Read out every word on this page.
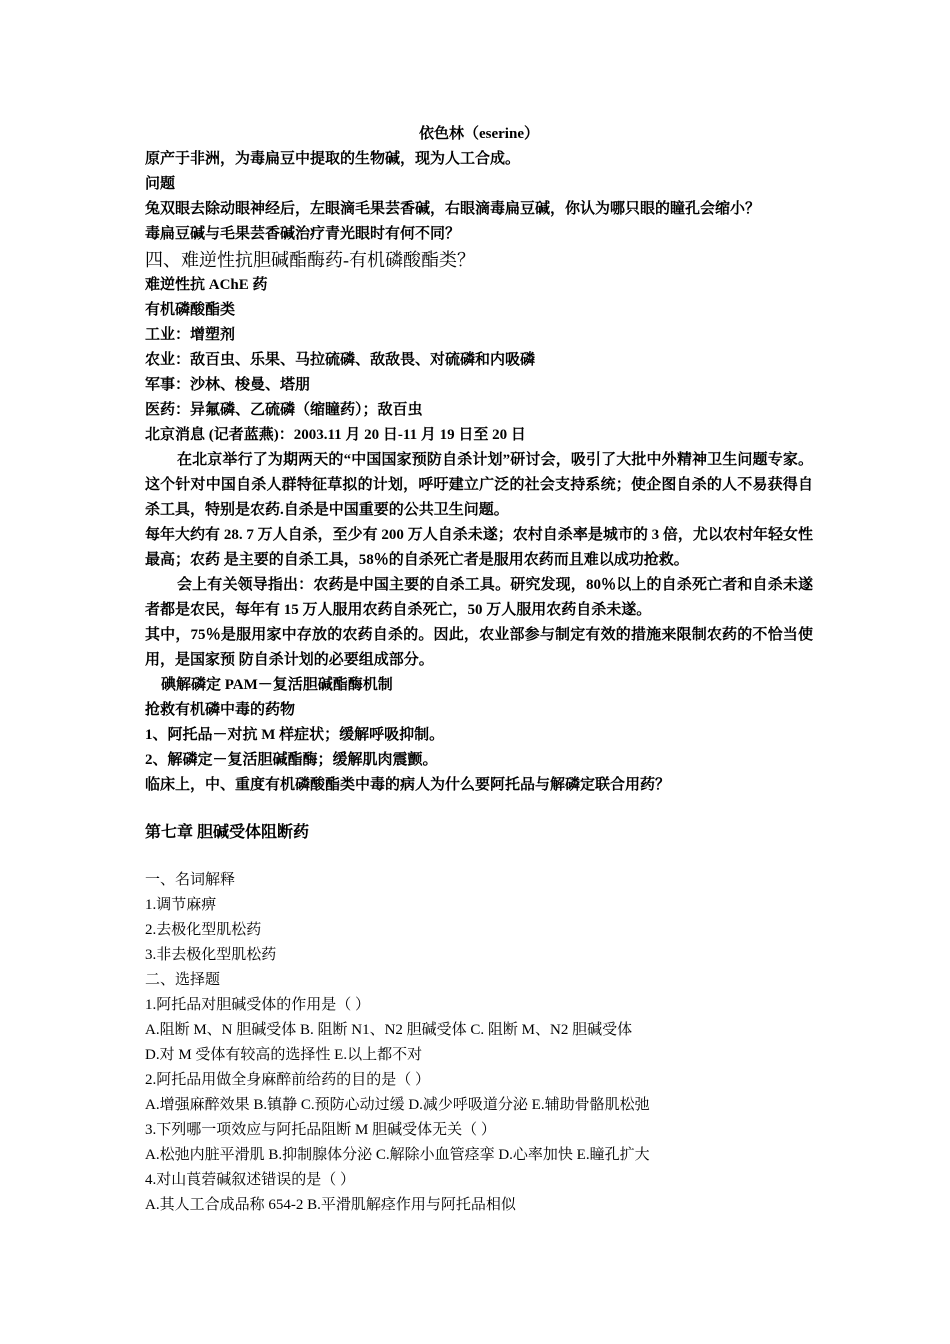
依色林（eserine）
原产于非洲，为毒扁豆中提取的生物碱，现为人工合成。
问题
兔双眼去除动眼神经后，左眼滴毛果芸香碱，右眼滴毒扁豆碱，你认为哪只眼的瞳孔会缩小？
毒扁豆碱与毛果芸香碱治疗青光眼时有何不同？
四、难逆性抗胆碱酯酶药-有机磷酸酯类？
难逆性抗 AChE 药
有机磷酸酯类
工业：增塑剂
农业：敌百虫、乐果、马拉硫磷、敌敌畏、对硫磷和内吸磷
军事：沙林、梭曼、塔朋
医药：异氟磷、乙硫磷（缩瞳药）；敌百虫
北京消息 (记者蓝燕)：2003.11 月 20 日-11 月 19 日至 20 日
在北京举行了为期两天的“中国国家预防自杀计划”研讨会，吸引了大批中外精神卫生问题专家。这个针对中国自杀人群特征草拟的计划，呼吁建立广泛的社会支持系统；使企图自杀的人不易获得自杀工具，特别是农药.自杀是中国重要的公共卫生问题。
每年大约有 28. 7 万人自杀，至少有 200 万人自杀未遂；农村自杀率是城市的 3 倍，尤以农村年轻女性最高；农药 是主要的自杀工具，58％的自杀死亡者是服用农药而且难以成功抢救。
会上有关领导指出：农药是中国主要的自杀工具。研究发现，80％以上的自杀死亡者和自杀未遂者都是农民，每年有 15 万人服用农药自杀死亡，50 万人服用农药自杀未遂。
其中，75％是服用家中存放的农药自杀的。因此，农业部参与制定有效的措施来限制农药的不恰当使用，是国家预 防自杀计划的必要组成部分。
碘解磷定 PAM－复活胆碱酯酶机制
抢救有机磷中毒的药物
1、阿托品－对抗 M 样症状；缓解呼吸抑制。
2、解磷定－复活胆碱酯酶；缓解肌肉震颤。
临床上，中、重度有机磷酸酯类中毒的病人为什么要阿托品与解磷定联合用药？
第七章 胆碱受体阻断药
一、名词解释
1.调节麻痹
2.去极化型肌松药
3.非去极化型肌松药
二、选择题
1.阿托品对胆碱受体的作用是（ ）
A.阻断 M、N 胆碱受体 B. 阻断 N1、N2 胆碱受体 C. 阻断 M、N2 胆碱受体
D.对 M 受体有较高的选择性 E.以上都不对
2.阿托品用做全身麻醉前给药的目的是（ ）
A.增强麻醉效果 B.镇静 C.预防心动过缓 D.减少呼吸道分泌 E.辅助骨骼肌松弛
3.下列哪一项效应与阿托品阻断 M 胆碱受体无关（ ）
A.松弛内脏平滑肌 B.抑制腺体分泌 C.解除小血管痉挛 D.心率加快 E.瞳孔扩大
4.对山莨菪碱叙述错误的是（ ）
A.其人工合成品称 654-2 B.平滑肌解痉作用与阿托品相似
